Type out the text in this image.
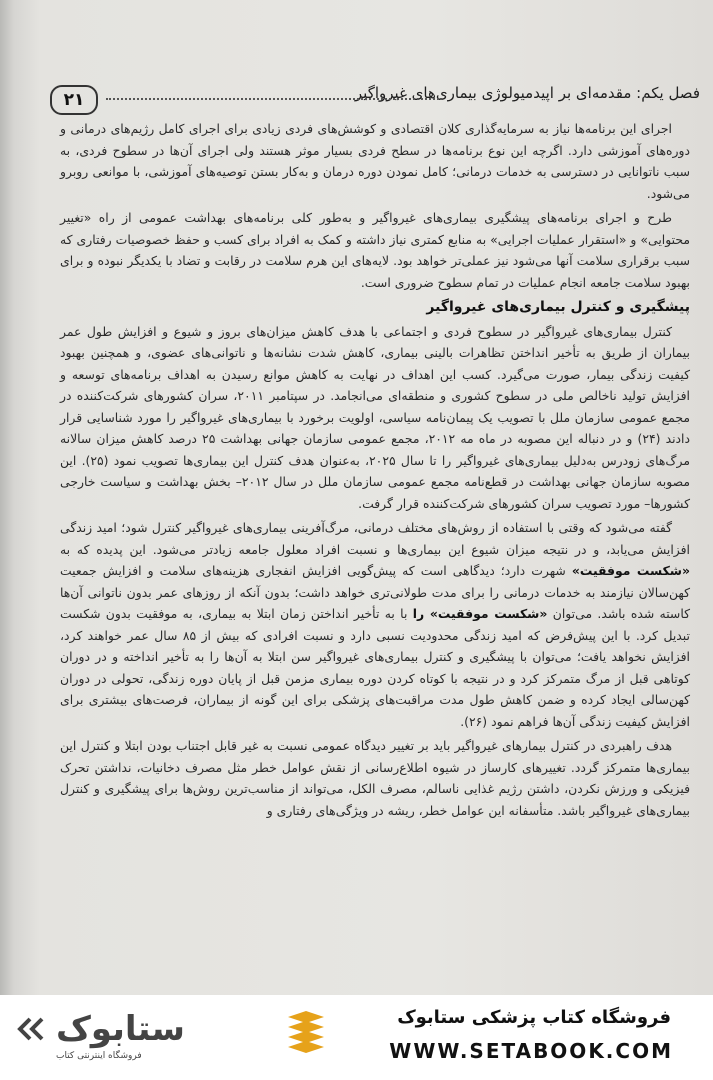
فصل یکم: مقدمه‌ای بر اپیدمیولوژی بیماری‌های غیرواگیر
۲۱

اجرای این برنامه‌ها نیاز به سرمایه‌گذاری کلان اقتصادی و کوشش‌های فردی زیادی برای اجرای کامل رژیم‌های درمانی و دوره‌های آموزشی دارد. اگرچه این نوع برنامه‌ها در سطح فردی بسیار موثر هستند ولی اجرای آن‌ها در سطوح فردی، به سبب ناتوانایی در دسترسی به خدمات درمانی؛ کامل نمودن دوره درمان و به‌کار بستن توصیه‌های آموزشی، با موانعی روبرو می‌شود.

طرح و اجرای برنامه‌های پیشگیری بیماری‌های غیرواگیر و به‌طور کلی برنامه‌های بهداشت عمومی از راه «تغییر محتوایی» و «استقرار عملیات اجرایی» به منابع کمتری نیاز داشته و کمک به افراد برای کسب و حفظ خصوصیات رفتاری که سبب برقراری سلامت آنها می‌شود نیز عملی‌تر خواهد بود. لایه‌های این هرم سلامت در رقابت و تضاد با یکدیگر نبوده و برای بهبود سلامت جامعه انجام عملیات در تمام سطوح ضروری است.

پیشگیری و کنترل بیماری‌های غیرواگیر

کنترل بیماری‌های غیرواگیر در سطوح فردی و اجتماعی با هدف کاهش میزان‌های بروز و شیوع و افزایش طول عمر بیماران از طریق به تأخیر انداختن تظاهرات بالینی بیماری، کاهش شدت نشانه‌ها و ناتوانی‌های عضوی، و همچنین بهبود کیفیت زندگی بیمار، صورت می‌گیرد. کسب این اهداف در نهایت به کاهش موانع رسیدن به اهداف برنامه‌های توسعه و افزایش تولید ناخالص ملی در سطوح کشوری و منطقه‌ای می‌انجامد. در سپتامبر ۲۰۱۱، سران کشورهای شرکت‌کننده در مجمع عمومی سازمان ملل با تصویب یک پیمان‌نامه سیاسی، اولویت برخورد با بیماری‌های غیرواگیر را مورد شناسایی قرار دادند (۲۴) و در دنباله این مصوبه در ماه مه ۲۰۱۲، مجمع عمومی سازمان جهانی بهداشت ۲۵ درصد کاهش میزان سالانه مرگ‌های زودرس به‌دلیل بیماری‌های غیرواگیر را تا سال ۲۰۲۵، به‌عنوان هدف کنترل این بیماری‌ها تصویب نمود (۲۵). این مصوبه سازمان جهانی بهداشت در قطع‌نامه مجمع عمومی سازمان ملل در سال ۲۰۱۲– بخش بهداشت و سیاست خارجی کشورها– مورد تصویب سران کشورهای شرکت‌کننده قرار گرفت.

گفته می‌شود که وقتی با استفاده از روش‌های مختلف درمانی، مرگ‌آفرینی بیماری‌های غیرواگیر کنترل شود؛ امید زندگی افزایش می‌یابد، و در نتیجه میزان شیوع این بیماری‌ها و نسبت افراد معلول جامعه زیادتر می‌شود. این پدیده که به «شکست موفقیت» شهرت دارد؛ دیدگاهی است که پیش‌گویی افزایش انفجاری هزینه‌های سلامت و افزایش جمعیت کهن‌سالان نیازمند به خدمات درمانی را برای مدت طولانی‌تری خواهد داشت؛ بدون آنکه از روزهای عمر بدون ناتوانی آن‌ها کاسته شده باشد. می‌توان «شکست موفقیت» را با به تأخیر انداختن زمان ابتلا به بیماری، به موفقیت بدون شکست تبدیل کرد. با این پیش‌فرض که امید زندگی محدودیت نسبی دارد و نسبت افرادی که بیش از ۸۵ سال عمر خواهند کرد، افزایش نخواهد یافت؛ می‌توان با پیشگیری و کنترل بیماری‌های غیرواگیر سن ابتلا به آن‌ها را به تأخیر انداخته و در دوران کوتاهی قبل از مرگ متمرکز کرد و در نتیجه با کوتاه کردن دوره بیماری مزمن قبل از پایان دوره زندگی، تحولی در دوران کهن‌سالی ایجاد کرده و ضمن کاهش طول مدت مراقبت‌های پزشکی برای این گونه از بیماران، فرصت‌های بیشتری برای افزایش کیفیت زندگی آن‌ها فراهم نمود (۲۶).

هدف راهبردی در کنترل بیمارهای غیرواگیر باید بر تغییر دیدگاه عمومی نسبت به غیر قابل اجتناب بودن ابتلا و کنترل این بیماری‌ها متمرکز گردد. تغییرهای کارساز در شیوه اطلاع‌رسانی از نقش عوامل خطر مثل مصرف دخانیات، نداشتن تحرک فیزیکی و ورزش نکردن، داشتن رژیم غذایی ناسالم، مصرف الکل، می‌تواند از مناسب‌ترین روش‌ها برای پیشگیری و کنترل بیماری‌های غیرواگیر باشد. متأسفانه این عوامل خطر، ریشه در ویژگی‌های رفتاری و

ستابوک
فروشگاه اینترنتی کتاب
فروشگاه کتاب پزشکی ستابوک
WWW.SETABOOK.COM
